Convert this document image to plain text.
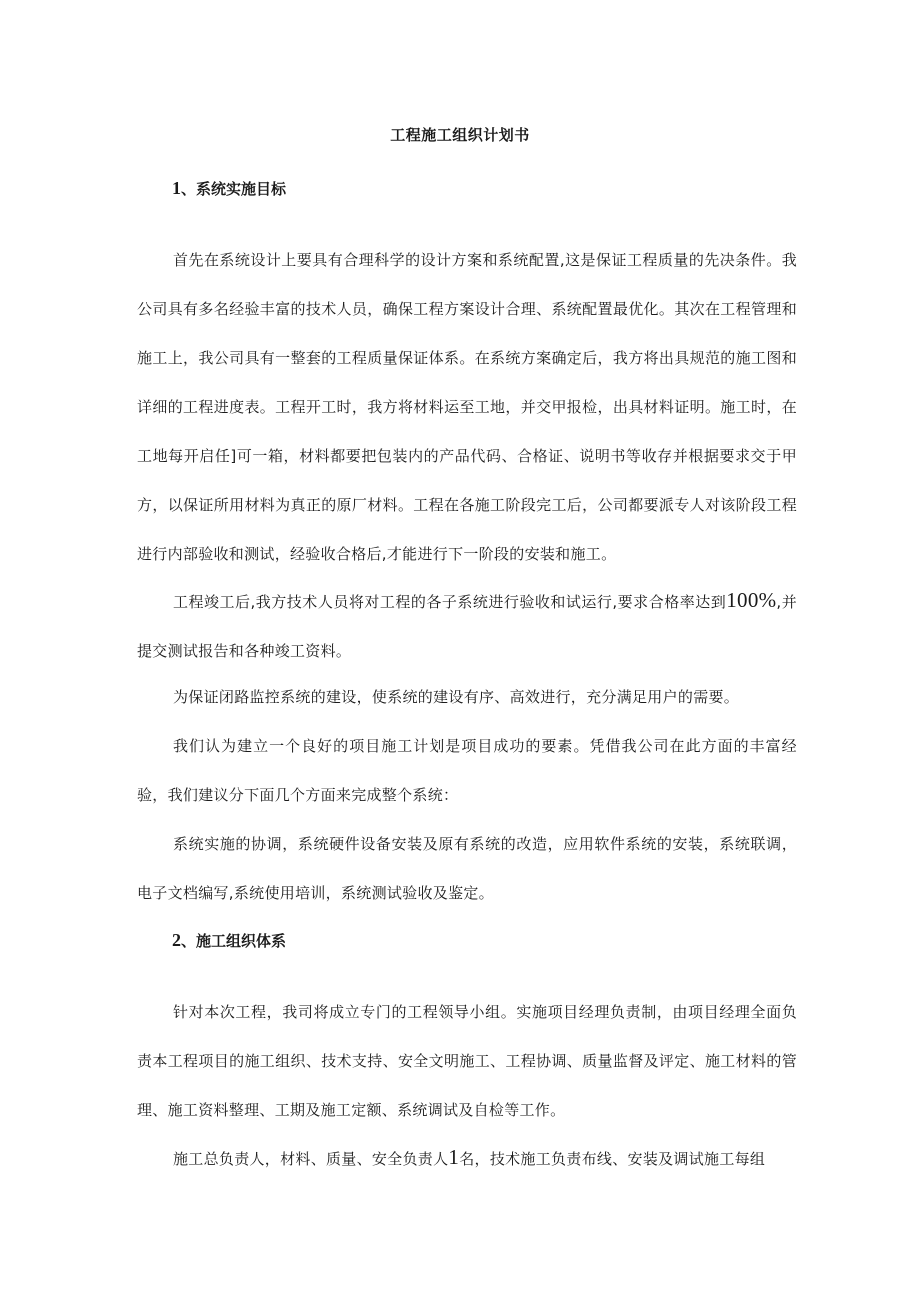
工程施工组织计划书
1、系统实施目标

首先在系统设计上要具有合理科学的设计方案和系统配置,这是保证工程质量的先决条件。我公司具有多名经验丰富的技术人员，确保工程方案设计合理、系统配置最优化。其次在工程管理和施工上，我公司具有一整套的工程质量保证体系。在系统方案确定后，我方将出具规范的施工图和详细的工程进度表。工程开工时，我方将材料运至工地，并交甲报检，出具材料证明。施工时，在工地每开启任]可一箱，材料都要把包装内的产品代码、合格证、说明书等收存并根据要求交于甲方，以保证所用材料为真正的原厂材料。工程在各施工阶段完工后，公司都要派专人对该阶段工程进行内部验收和测试，经验收合格后,才能进行下一阶段的安装和施工。

工程竣工后,我方技术人员将对工程的各子系统进行验收和试运行,要求合格率达到100%,并提交测试报告和各种竣工资料。

为保证闭路监控系统的建设，使系统的建设有序、高效进行，充分满足用户的需要。

我们认为建立一个良好的项目施工计划是项目成功的要素。凭借我公司在此方面的丰富经验，我们建议分下面几个方面来完成整个系统：

系统实施的协调，系统硬件设备安装及原有系统的改造，应用软件系统的安装，系统联调，电子文档编写,系统使用培训，系统测试验收及鉴定。

2、施工组织体系

针对本次工程，我司将成立专门的工程领导小组。实施项目经理负责制，由项目经理全面负责本工程项目的施工组织、技术支持、安全文明施工、工程协调、质量监督及评定、施工材料的管理、施工资料整理、工期及施工定额、系统调试及自检等工作。

施工总负责人，材料、质量、安全负责人1名，技术施工负责布线、安装及调试施工每组
